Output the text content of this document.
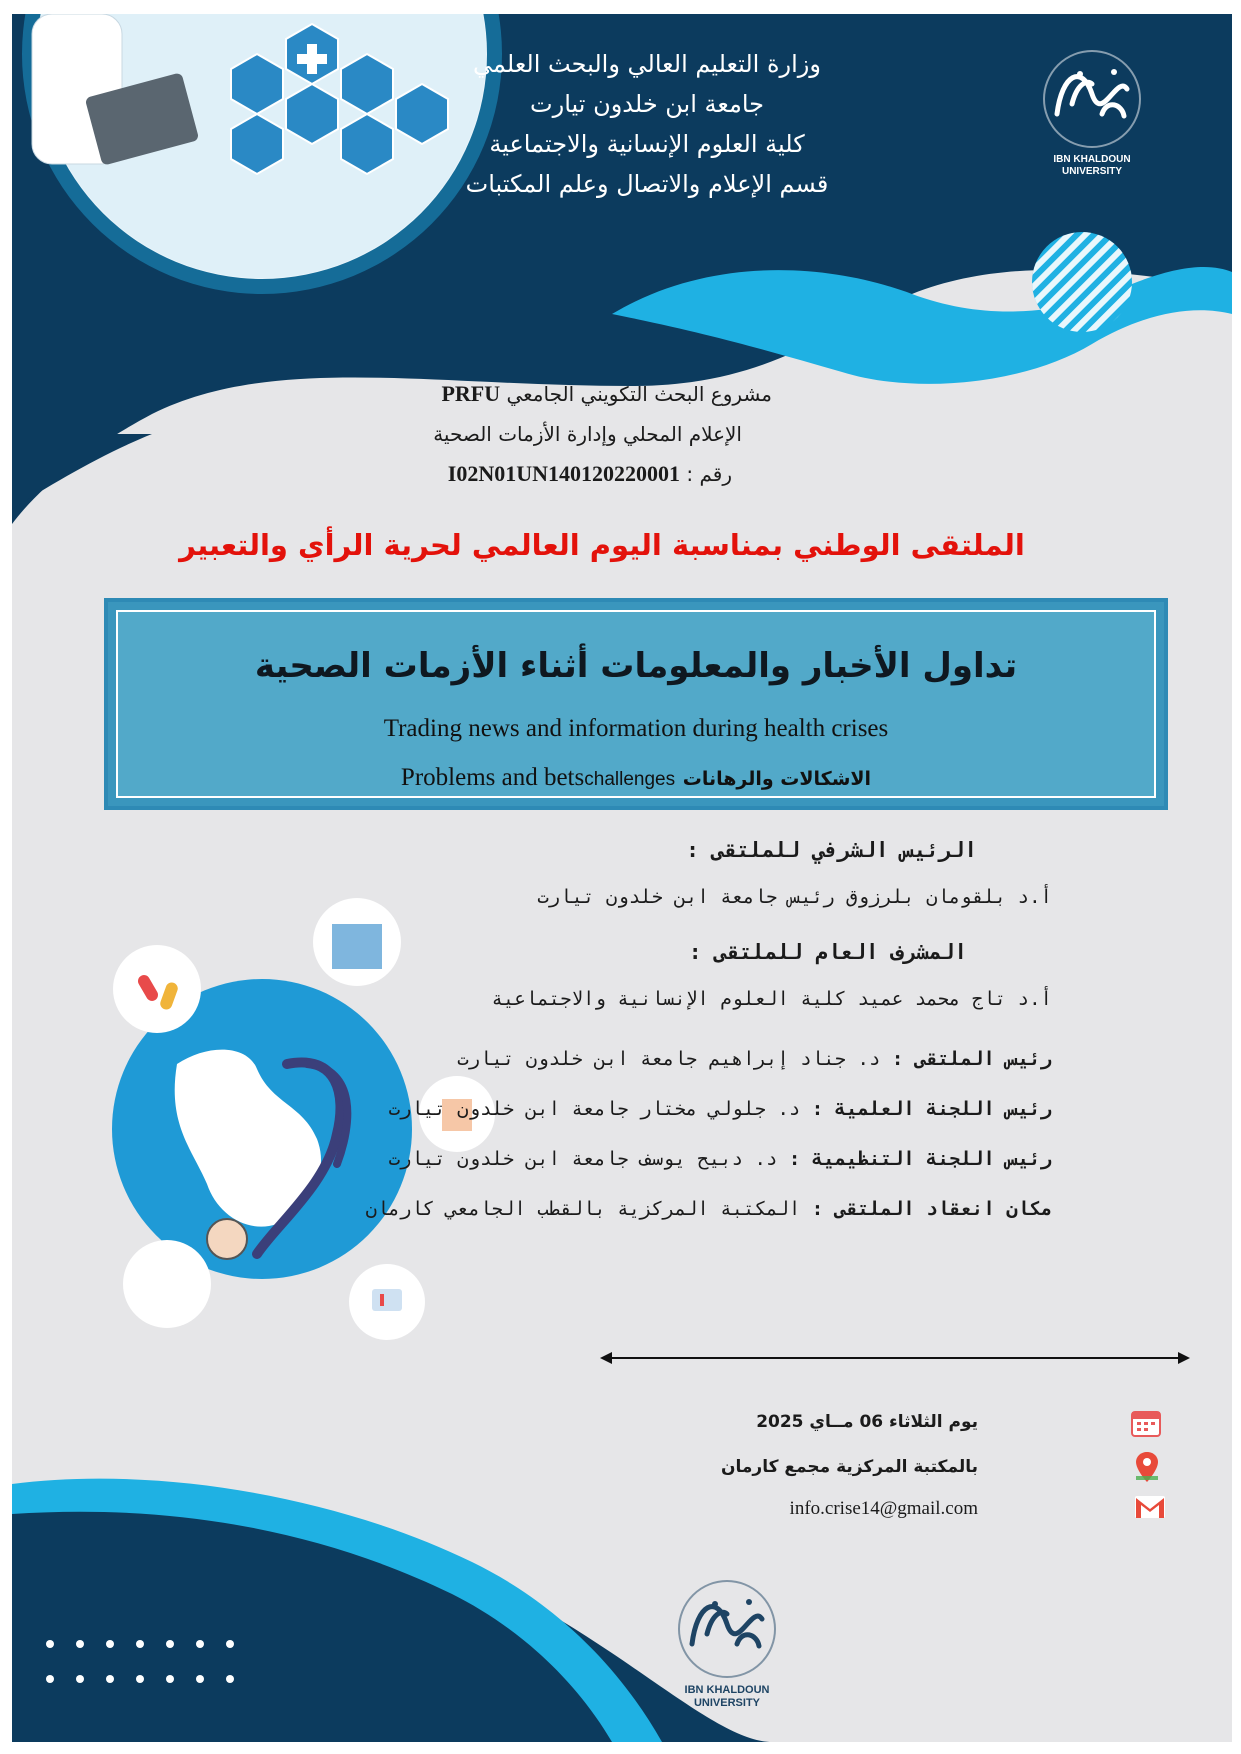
وزارة التعليم العالي والبحث العلمي
جامعة ابن خلدون تيارت
كلية العلوم الإنسانية والاجتماعية
قسم الإعلام والاتصال وعلم المكتبات
IBN KHALDOUN
UNIVERSITY
مشروع البحث التكويني الجامعي PRFU
الإعلام المحلي وإدارة الأزمات الصحية
رقم : I02N01UN140120220001
الملتقى الوطني بمناسبة اليوم العالمي لحرية الرأي والتعبير
تداول الأخبار والمعلومات أثناء الأزمات الصحية
Trading news and information during health crises
Problems and betschallenges الاشكالات والرهانات
الرئيس الشرفي للملتقى :
أ.د بلقومان بلرزوق رئيس جامعة ابن خلدون تيارت
المشرف العام للملتقى :
أ.د تاج محمد عميد كلية العلوم الإنسانية والاجتماعية
رئيس الملتقى : د. جناد إبراهيم جامعة ابن خلدون تيارت
رئيس اللجنة العلمية : د. جلولي مختار جامعة ابن خلدون تيارت
رئيس اللجنة التنظيمية : د. دبيح يوسف جامعة ابن خلدون تيارت
مكان انعقاد الملتقى : المكتبة المركزية بالقطب الجامعي كارمان
يوم الثلاثاء 06 مــاي 2025
بالمكتبة المركزية مجمع كارمان
info.crise14@gmail.com
IBN KHALDOUN
UNIVERSITY
